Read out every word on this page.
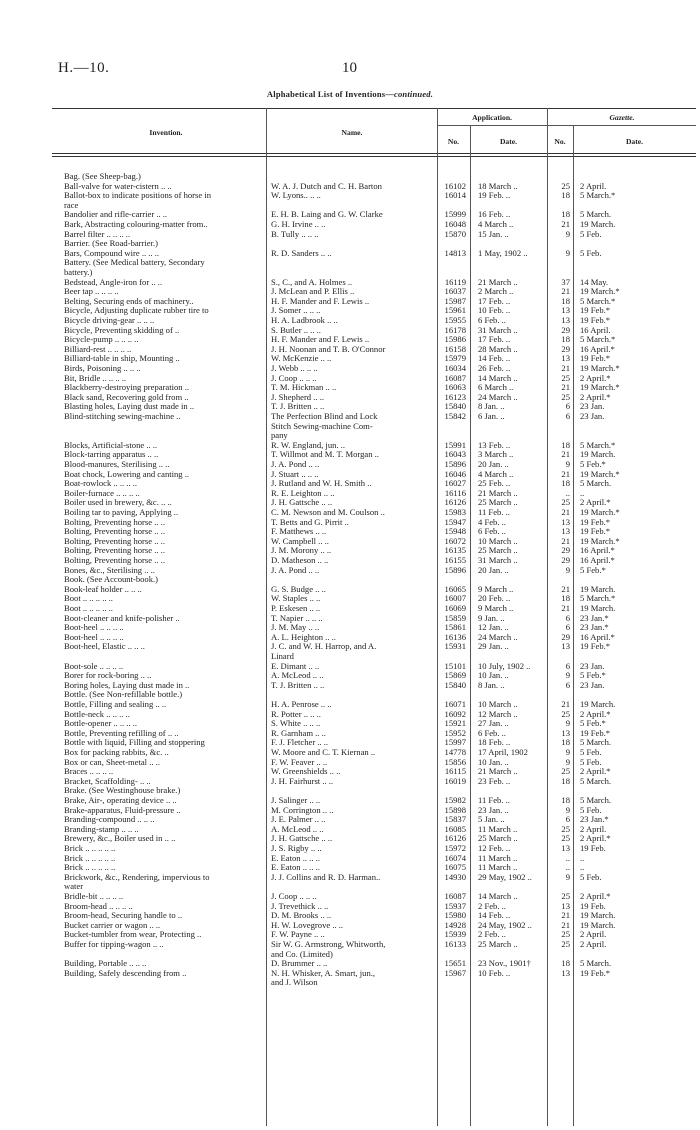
H.—10.	10
Alphabetical List of Inventions—continued.
Invention.	Name.
Application.	Gazette.
No.	Date.	No.	Date.
Bag. (See Sheep-bag.)
Ball-valve for water-cistern .. ..	W. A. J. Dutch and C. H. Barton	16102 18 March ..	25 2 April.
Ballot-box to indicate positions of horse in	W. Lyons.. .. ..	16014 19 Feb. ..	18 5 March.*
race
Bandolier and rifle-carrier .. ..	E. H. B. Laing and G. W. Clarke	15999 16 Feb. ..	18 5 March.
Bark, Abstracting colouring-matter from..	G. H. Irvine .. ..	16048 4 March ..	21 19 March.
Barrel filter .. .. .. ..	B. Tully .. .. ..	15870 15 Jan. ..	9 5 Feb.
Barrier. (See Road-barrier.)
Bars, Compound wire .. .. ..	R. D. Sanders .. ..	14813 1 May, 1902 ..	9 5 Feb.
Battery. (See Medical battery, Secondary
battery.)
Bedstead, Angle-iron for .. ..	S., C., and A. Holmes ..	16119 21 March ..	37 14 May.
Beer tap .. .. .. ..	J. McLean and P. Ellis ..	16037 2 March ..	21 19 March.*
Belting, Securing ends of machinery..	H. F. Mander and F. Lewis ..	15987 17 Feb. ..	18 5 March.*
Bicycle, Adjusting duplicate rubber tire to	J. Somer .. .. ..	15961 10 Feb. ..	13 19 Feb.*
Bicycle driving-gear .. .. ..	H. A. Ladbrook .. ..	15955 6 Feb. ..	13 19 Feb.*
Bicycle, Preventing skidding of ..	S. Butler .. .. ..	16178 31 March ..	29 16 April.
Bicycle-pump .. .. .. ..	H. F. Mander and F. Lewis ..	15986 17 Feb. ..	18 5 March.*
Billiard-rest .. .. .. ..	J. H. Noonan and T. B. O'Connor	16158 28 March ..	29 16 April.*
Billiard-table in ship, Mounting ..	W. McKenzie .. ..	15979 14 Feb. ..	13 19 Feb.*
Birds, Poisoning .. .. ..	J. Webb .. .. ..	16034 26 Feb. ..	21 19 March.*
Bit, Bridle .. .. .. ..	J. Coop .. .. ..	16087 14 March ..	25 2 April.*
Blackberry-destroying preparation ..	T. M. Hickman .. ..	16063 6 March ..	21 19 March.*
Black sand, Recovering gold from ..	J. Shepherd .. ..	16123 24 March ..	25 2 April.*
Blasting holes, Laying dust made in ..	T. J. Britten .. ..	15840 8 Jan. ..	6 23 Jan.
Blind-stitching sewing-machine ..	The Perfection Blind and Lock	15842 6 Jan. ..	6 23 Jan.
Stitch Sewing-machine Com-
pany
Blocks, Artificial-stone .. ..	R. W. England, jun. ..	15991 13 Feb. ..	18 5 March.*
Block-tarring apparatus .. ..	T. Willmot and M. T. Morgan ..	16043 3 March ..	21 19 March.
Blood-manures, Sterilising .. ..	J. A. Pond .. ..	15896 20 Jan. ..	9 5 Feb.*
Boat chock, Lowering and canting ..	J. Stuart .. .. ..	16046 4 March ..	21 19 March.*
Boat-rowlock .. .. .. ..	J. Rutland and W. H. Smith ..	16027 25 Feb. ..	18 5 March.
Boiler-furnace .. .. .. ..	R. E. Leighton .. ..	16116 21 March ..	.. ..
Boiler used in brewery, &c. .. ..	J. H. Gattsche .. ..	16126 25 March ..	25 2 April.*
Boiling tar to paving, Applying ..	C. M. Newson and M. Coulson ..	15983 11 Feb. ..	21 19 March.*
Bolting, Preventing horse .. ..	T. Betts and G. Pirrit ..	15947 4 Feb. ..	13 19 Feb.*
Bolting, Preventing horse .. ..	F. Matthews .. ..	15948 6 Feb. ..	13 19 Feb.*
Bolting, Preventing horse .. ..	W. Campbell .. ..	16072 10 March ..	21 19 March.*
Bolting, Preventing horse .. ..	J. M. Morony .. ..	16135 25 March ..	29 16 April.*
Bolting, Preventing horse .. ..	D. Matheson .. ..	16155 31 March ..	29 16 April.*
Bones, &c., Sterilising .. ..	J. A. Pond .. ..	15896 20 Jan. ..	9 5 Feb.*
Book. (See Account-book.)
Book-leaf holder .. .. ..	G. S. Budge .. ..	16065 9 March ..	21 19 March.
Boot .. .. .. .. ..	W. Staples .. ..	16007 20 Feb. ..	18 5 March.*
Boot .. .. .. .. ..	P. Eskesen .. ..	16069 9 March ..	21 19 March.
Boot-cleaner and knife-polisher ..	T. Napier .. .. ..	15859 9 Jan. ..	6 23 Jan.*
Boot-heel .. .. .. ..	J. M. May .. ..	15861 12 Jan. ..	6 23 Jan.*
Boot-heel .. .. .. ..	A. L. Heighton .. ..	16136 24 March ..	29 16 April.*
Boot-heel, Elastic .. .. ..	J. C. and W. H. Harrop, and A.	15931 29 Jan. ..	13 19 Feb.*
Linard
Boot-sole .. .. .. ..	E. Dimant .. ..	15101 10 July, 1902 ..	6 23 Jan.
Borer for rock-boring .. ..	A. McLeod .. ..	15869 10 Jan. ..	9 5 Feb.*
Boring holes, Laying dust made in ..	T. J. Britten .. ..	15840 8 Jan. ..	6 23 Jan.
Bottle. (See Non-refillable bottle.)
Bottle, Filling and sealing .. ..	H. A. Penrose .. ..	16071 10 March ..	21 19 March.
Bottle-neck .. .. .. ..	R. Potter .. .. ..	16092 12 March ..	25 2 April.*
Bottle-opener .. .. .. ..	S. White .. .. ..	15921 27 Jan. ..	9 5 Feb.*
Bottle, Preventing refilling of .. ..	R. Garnham .. ..	15952 6 Feb. ..	13 19 Feb.*
Bottle with liquid, Filling and stoppering	F. J. Fletcher .. ..	15997 18 Feb. ..	18 5 March.
Box for packing rabbits, &c. ..	W. Moore and C. T. Kiernan ..	14778 17 April, 1902	9 5 Feb.
Box or can, Sheet-metal .. ..	F. W. Feaver .. ..	15856 10 Jan. ..	9 5 Feb.
Braces .. .. .. ..	W. Greenshields .. ..	16115 21 March ..	25 2 April.*
Bracket, Scaffolding- .. ..	J. H. Fairhurst .. ..	16019 23 Feb. ..	18 5 March.
Brake. (See Westinghouse brake.)
Brake, Air-, operating device .. ..	J. Salinger .. ..	15982 11 Feb. ..	18 5 March.
Brake-apparatus, Fluid-pressure ..	M. Corrington .. ..	15898 23 Jan. ..	9 5 Feb.
Branding-compound .. .. ..	J. E. Palmer .. ..	15837 5 Jan. ..	6 23 Jan.*
Branding-stamp .. .. ..	A. McLeod .. ..	16085 11 March ..	25 2 April.
Brewery, &c., Boiler used in .. ..	J. H. Gattsche .. ..	16126 25 March ..	25 2 April.*
Brick .. .. .. .. ..	J. S. Rigby .. ..	15972 12 Feb. ..	13 19 Feb.
Brick .. .. .. .. ..	E. Eaton .. .. ..	16074 11 March ..	.. ..
Brick .. .. .. .. ..	E. Eaton .. .. ..	16075 11 March ..	.. ..
Brickwork, &c., Rendering, impervious to	J. J. Collins and R. D. Harman..	14930 29 May, 1902 ..	9 5 Feb.
water
Bridle-bit .. .. .. ..	J. Coop .. .. ..	16087 14 March ..	25 2 April.*
Broom-head .. .. .. ..	J. Trevethick .. ..	15937 2 Feb. ..	13 19 Feb.
Broom-head, Securing handle to ..	D. M. Brooks .. ..	15980 14 Feb. ..	21 19 March.
Bucket carrier or wagon .. ..	H. W. Lovegrove .. ..	14928 24 May, 1902 ..	21 19 March.
Bucket-tumbler from wear, Protecting ..	F. W. Payne .. ..	15939 2 Feb. ..	25 2 April.
Buffer for tipping-wagon .. ..	Sir W. G. Armstrong, Whitworth,	16133 25 March ..	25 2 April.
and Co. (Limited)
Building, Portable .. .. ..	D. Brummer .. ..	15651 23 Nov., 1901†	18 5 March.
Building, Safely descending from ..	N. H. Whisker, A. Smart, jun.,	15967 10 Feb. ..	13 19 Feb.*
and J. Wilson
